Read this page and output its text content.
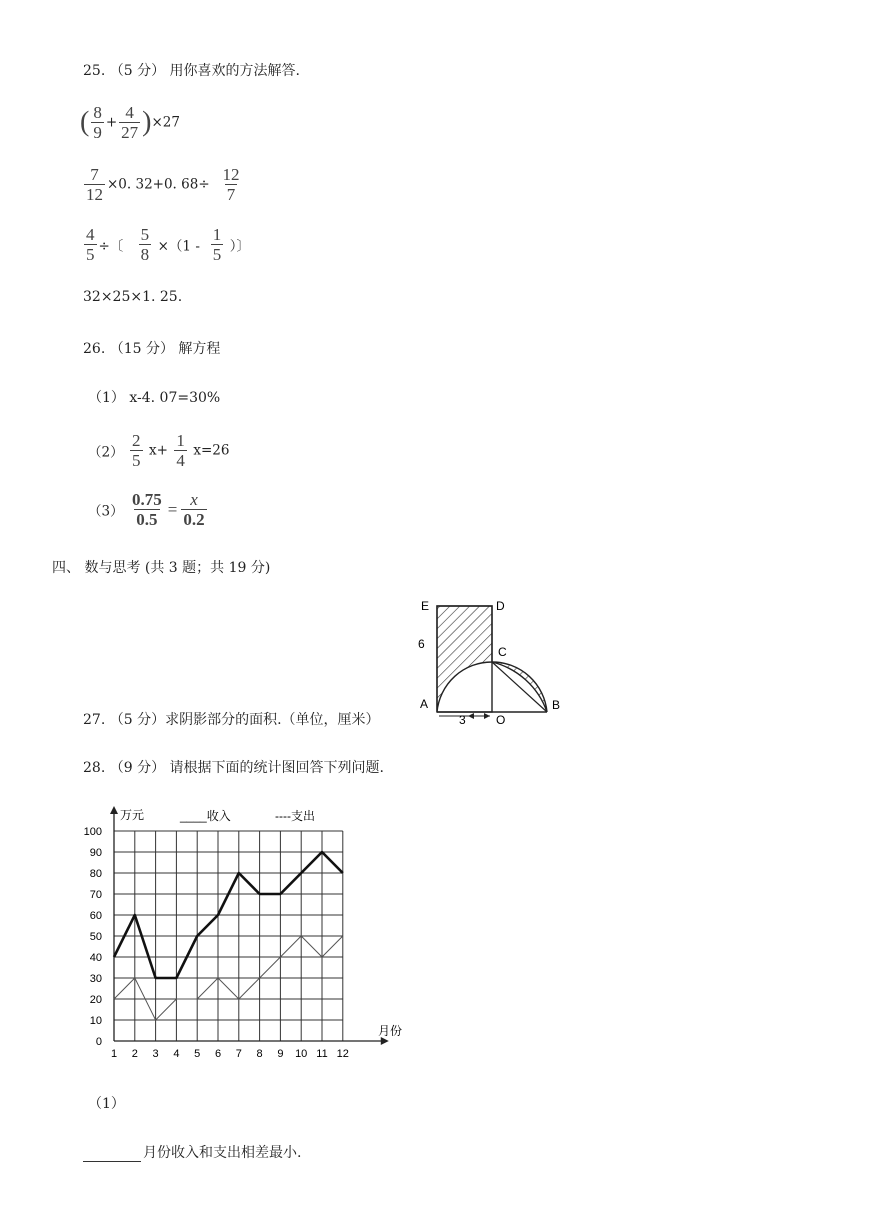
25. （5 分） 用你喜欢的方法解答.
( $\frac{8}{9} + \frac{4}{27} )\times 27$
$\frac{7}{12} \times 0$. 32+0. $68\div \frac{12}{7}$
$\frac{4}{5}$ ÷〔 $\frac{5}{8} \times(1 - \frac{1}{5}$ ）〕
32×25×1. 25.
26. （15 分） 解方程
（1） x-4. 07=30%
$(2) \frac{2}{5} x+ \frac{1}{4} x=26$
$(3) \frac{0.75}{0.5} = \frac{x}{0.2}$
四、 数与思考 (共 3 题；共 19 分)
E	D
C
A	B
O
6
3
27. （5 分）求阴影部分的面积.（单位，厘米）
28. （9 分） 请根据下面的统计图回答下列问题.
0
10
20
30
40
50
60
70
80
90
100
1 2 3 4 5 6 7 8 9 10 11 12
万元
月份
____收入	----支出
（1）
月份收入和支出相差最小.
